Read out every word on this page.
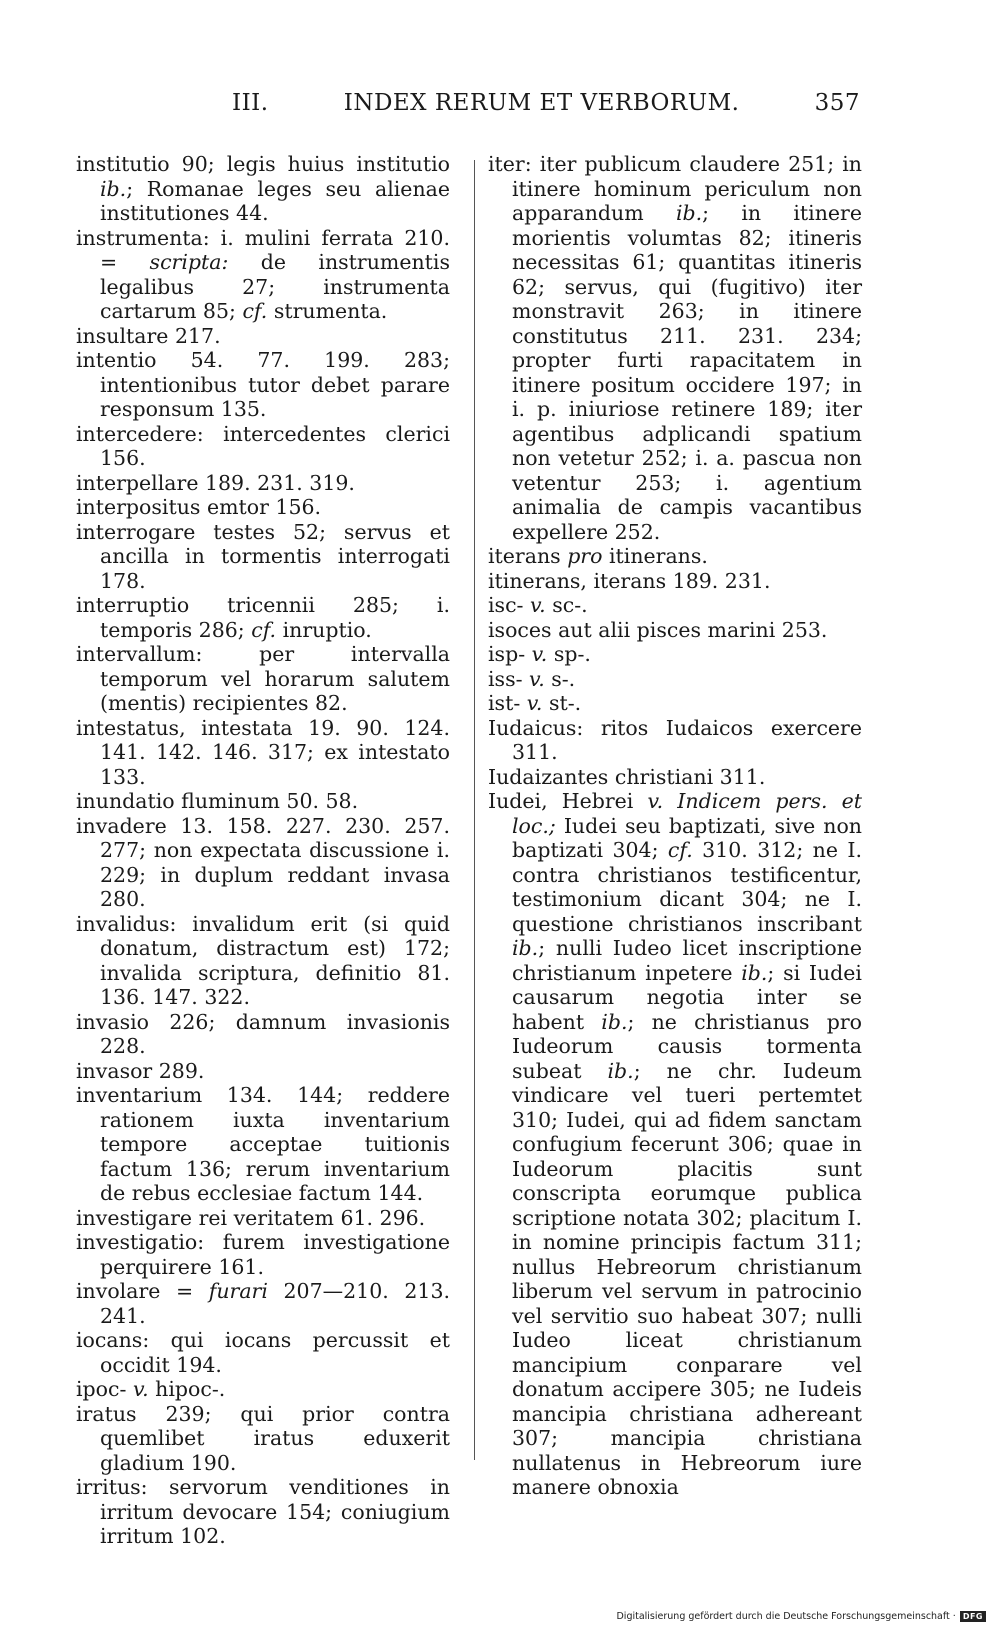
III.	INDEX RERUM ET VERBORUM.	357

institutio 90; legis huius institutio ib.; Romanae leges seu alienae institutiones 44.

instrumenta: i. mulini ferrata 210. = scripta: de instrumentis legalibus 27; instrumenta cartarum 85; cf. strumenta.

insultare 217.

intentio 54. 77. 199. 283; intentionibus tutor debet parare responsum 135.

intercedere: intercedentes clerici 156.

interpellare 189. 231. 319.

interpositus emtor 156.

interrogare testes 52; servus et ancilla in tormentis interrogati 178.

interruptio tricennii 285; i. temporis 286; cf. inruptio.

intervallum: per intervalla temporum vel horarum salutem (mentis) recipientes 82.

intestatus, intestata 19. 90. 124. 141. 142. 146. 317; ex intestato 133.

inundatio fluminum 50. 58.

invadere 13. 158. 227. 230. 257. 277; non expectata discussione i. 229; in duplum reddant invasa 280.

invalidus: invalidum erit (si quid donatum, distractum est) 172; invalida scriptura, definitio 81. 136. 147. 322.

invasio 226; damnum invasionis 228.

invasor 289.

inventarium 134. 144; reddere rationem iuxta inventarium tempore acceptae tuitionis factum 136; rerum inventarium de rebus ecclesiae factum 144.

investigare rei veritatem 61. 296.

investigatio: furem investigatione perquirere 161.

involare = furari 207—210. 213. 241.

iocans: qui iocans percussit et occidit 194.

ipoc- v. hipoc-.

iratus 239; qui prior contra quemlibet iratus eduxerit gladium 190.

irritus: servorum venditiones in irritum devocare 154; coniugium irritum 102.

iter: iter publicum claudere 251; in itinere hominum periculum non apparandum ib.; in itinere morientis volumtas 82; itineris necessitas 61; quantitas itineris 62; servus, qui (fugitivo) iter monstravit 263; in itinere constitutus 211. 231. 234; propter furti rapacitatem in itinere positum occidere 197; in i. p. iniuriose retinere 189; iter agentibus adplicandi spatium non vetetur 252; i. a. pascua non vetentur 253; i. agentium animalia de campis vacantibus expellere 252.

iterans pro itinerans.

itinerans, iterans 189. 231.

isc- v. sc-.

isoces aut alii pisces marini 253.

isp- v. sp-.

iss- v. s-.

ist- v. st-.

Iudaicus: ritos Iudaicos exercere 311.

Iudaizantes christiani 311.

Iudei, Hebrei v. Indicem pers. et loc.; Iudei seu baptizati, sive non baptizati 304; cf. 310. 312; ne I. contra christianos testificentur, testimonium dicant 304; ne I. questione christianos inscribant ib.; nulli Iudeo licet inscriptione christianum inpetere ib.; si Iudei causarum negotia inter se habent ib.; ne christianus pro Iudeorum causis tormenta subeat ib.; ne chr. Iudeum vindicare vel tueri pertemtet 310; Iudei, qui ad fidem sanctam confugium fecerunt 306; quae in Iudeorum placitis sunt conscripta eorumque publica scriptione notata 302; placitum I. in nomine principis factum 311; nullus Hebreorum christianum liberum vel servum in patrocinio vel servitio suo habeat 307; nulli Iudeo liceat christianum mancipium conparare vel donatum accipere 305; ne Iudeis mancipia christiana adhereant 307; mancipia christiana nullatenus in Hebreorum iure manere obnoxia

Digitalisierung gefördert durch die Deutsche Forschungsgemeinschaft · DFG
